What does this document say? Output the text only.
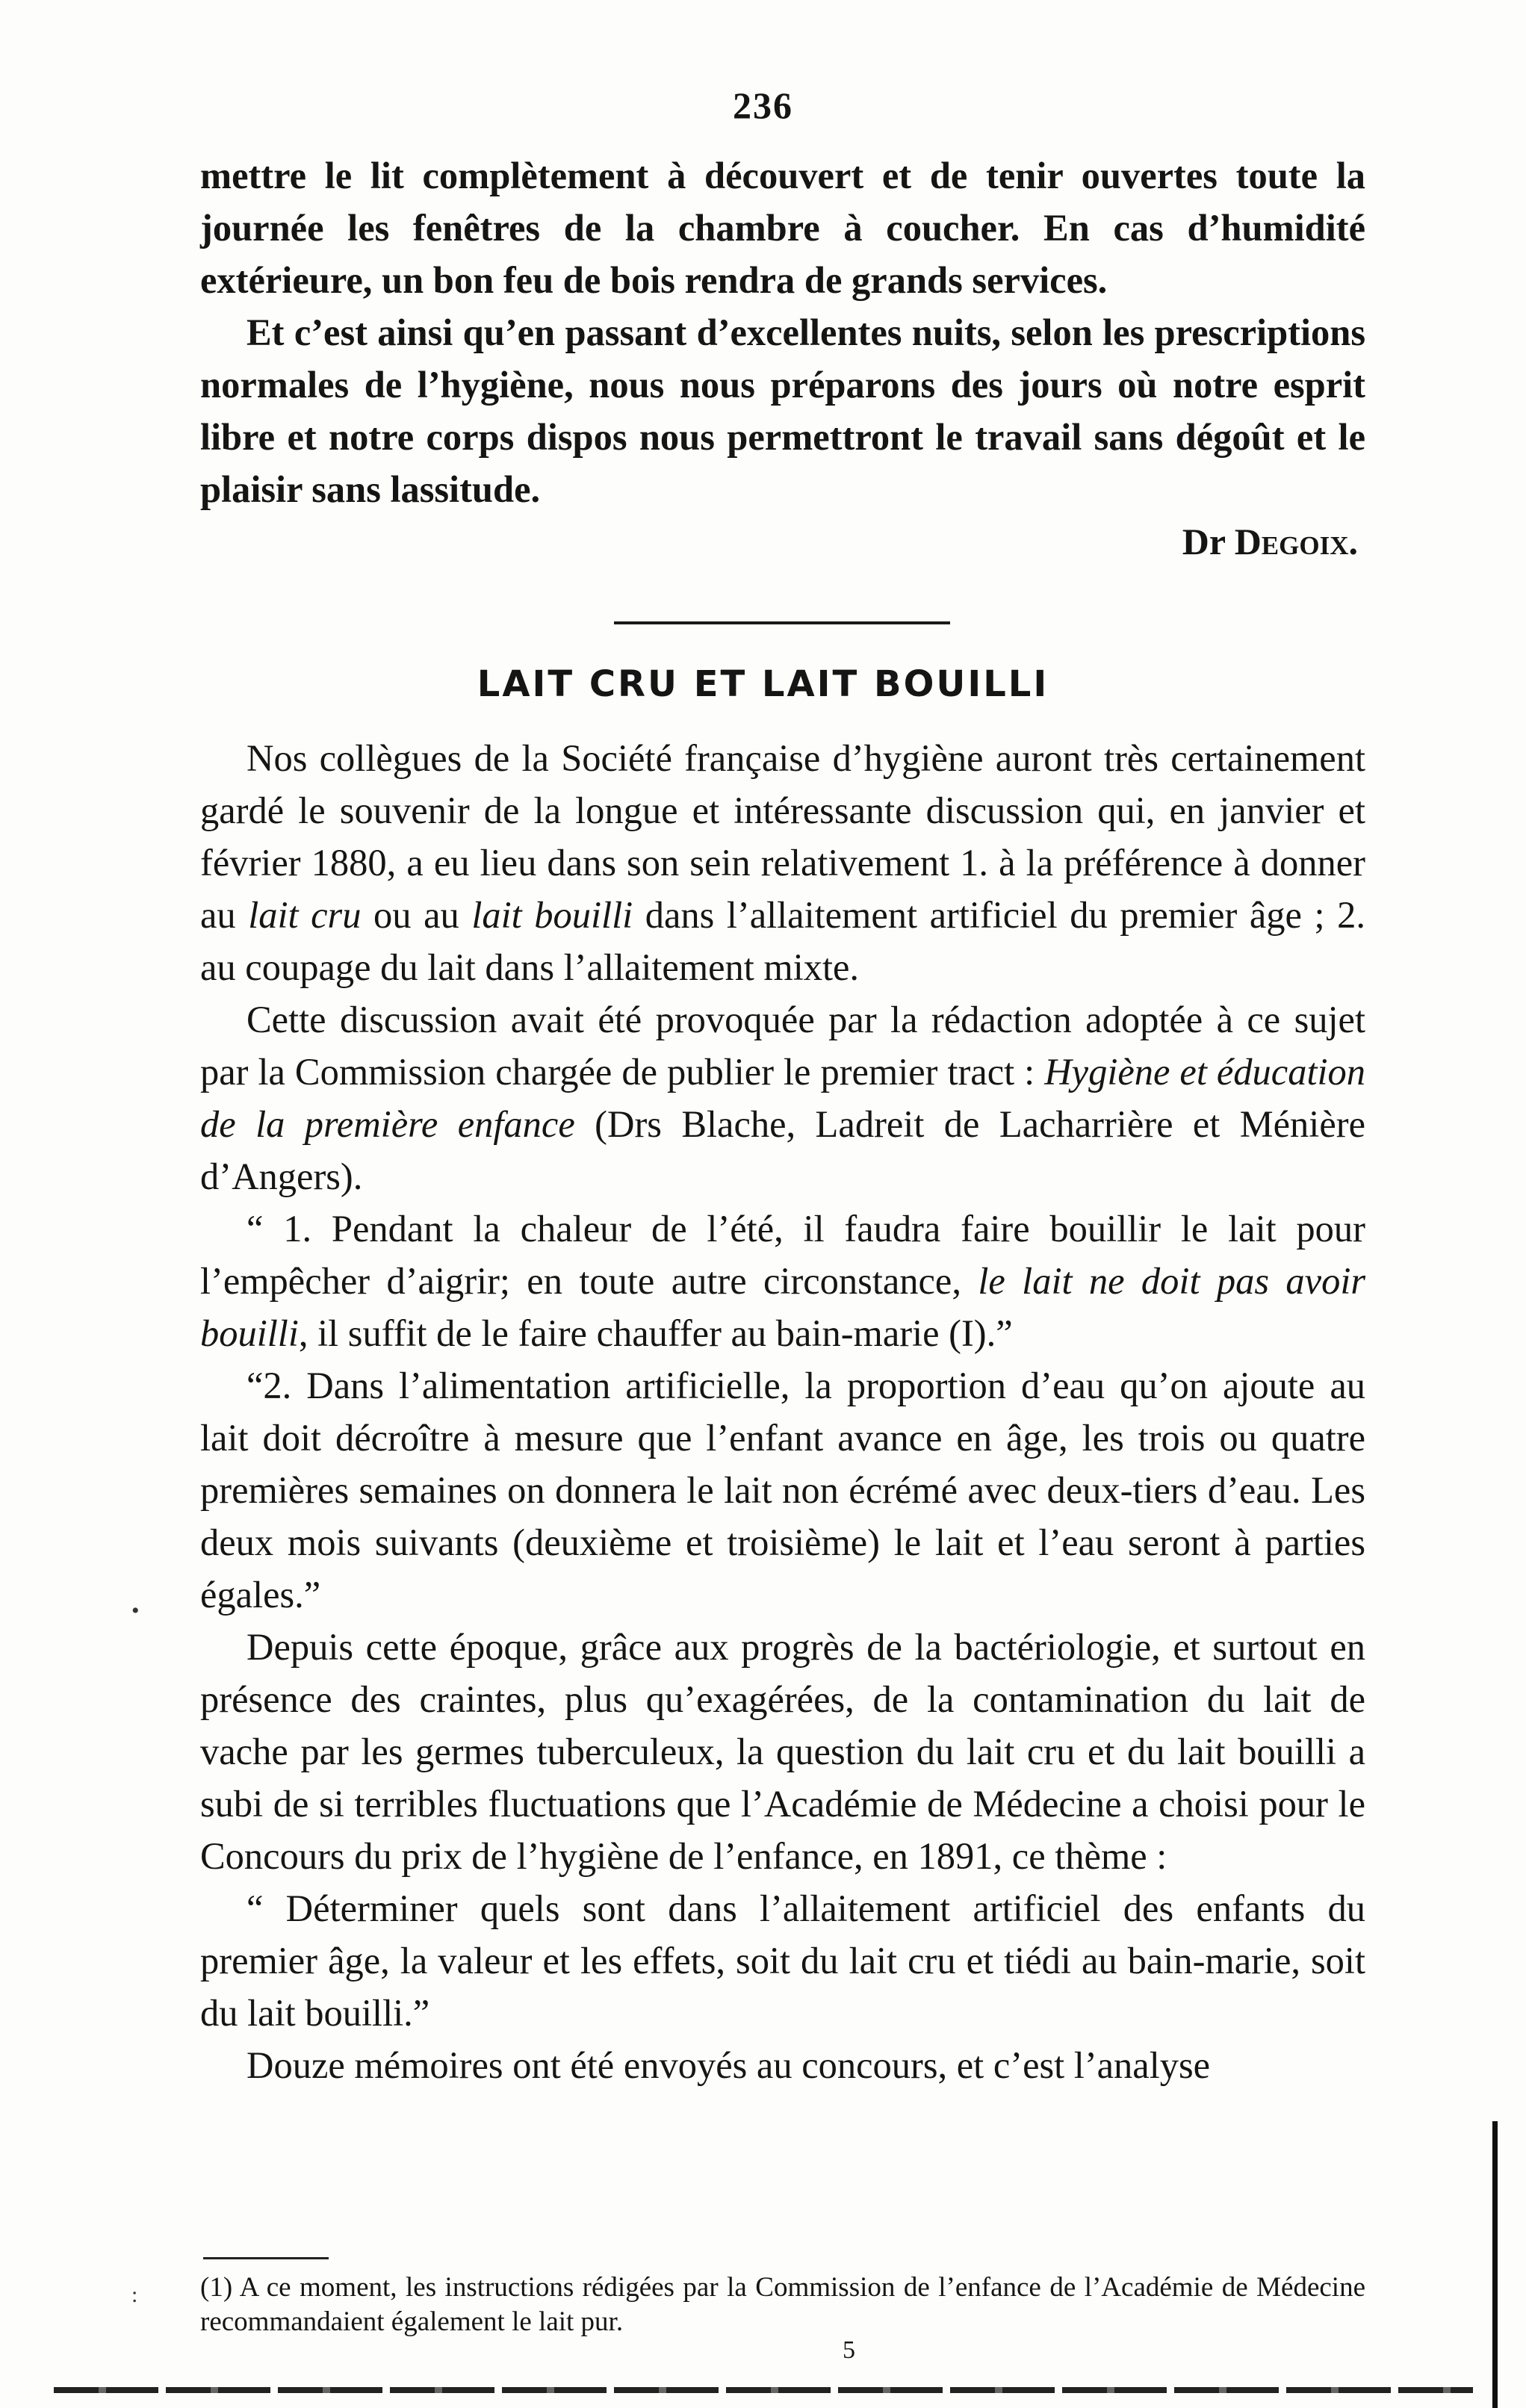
236

mettre le lit complètement à découvert et de tenir ouvertes toute la journée les fenêtres de la chambre à coucher. En cas d’humidité extérieure, un bon feu de bois rendra de grands services.

Et c’est ainsi qu’en passant d’excellentes nuits, selon les prescriptions normales de l’hygiène, nous nous préparons des jours où notre esprit libre et notre corps dispos nous permettront le travail sans dégoût et le plaisir sans lassitude.

Dr Degoix.
LAIT CRU ET LAIT BOUILLI

Nos collègues de la Société française d’hygiène auront très certainement gardé le souvenir de la longue et intéressante discussion qui, en janvier et février 1880, a eu lieu dans son sein relativement 1. à la préférence à donner au lait cru ou au lait bouilli dans l’allaitement artificiel du premier âge ; 2. au coupage du lait dans l’allaitement mixte.

Cette discussion avait été provoquée par la rédaction adoptée à ce sujet par la Commission chargée de publier le premier tract : Hygiène et éducation de la première enfance (Drs Blache, Ladreit de Lacharrière et Ménière d’Angers).

“ 1. Pendant la chaleur de l’été, il faudra faire bouillir le lait pour l’empêcher d’aigrir; en toute autre circonstance, le lait ne doit pas avoir bouilli, il suffit de le faire chauffer au bain-marie (I).”

“2. Dans l’alimentation artificielle, la proportion d’eau qu’on ajoute au lait doit décroître à mesure que l’enfant avance en âge, les trois ou quatre premières semaines on donnera le lait non écrémé avec deux-tiers d’eau. Les deux mois suivants (deuxième et troisième) le lait et l’eau seront à parties égales.”

Depuis cette époque, grâce aux progrès de la bactériologie, et surtout en présence des craintes, plus qu’exagérées, de la contamination du lait de vache par les germes tuberculeux, la question du lait cru et du lait bouilli a subi de si terribles fluctuations que l’Académie de Médecine a choisi pour le Concours du prix de l’hygiène de l’enfance, en 1891, ce thème :

“ Déterminer quels sont dans l’allaitement artificiel des enfants du premier âge, la valeur et les effets, soit du lait cru et tiédi au bain-marie, soit du lait bouilli.”

Douze mémoires ont été envoyés au concours, et c’est l’analyse

(1) A ce moment, les instructions rédigées par la Commission de l’enfance de l’Académie de Médecine recommandaient également le lait pur.
5
•
:
